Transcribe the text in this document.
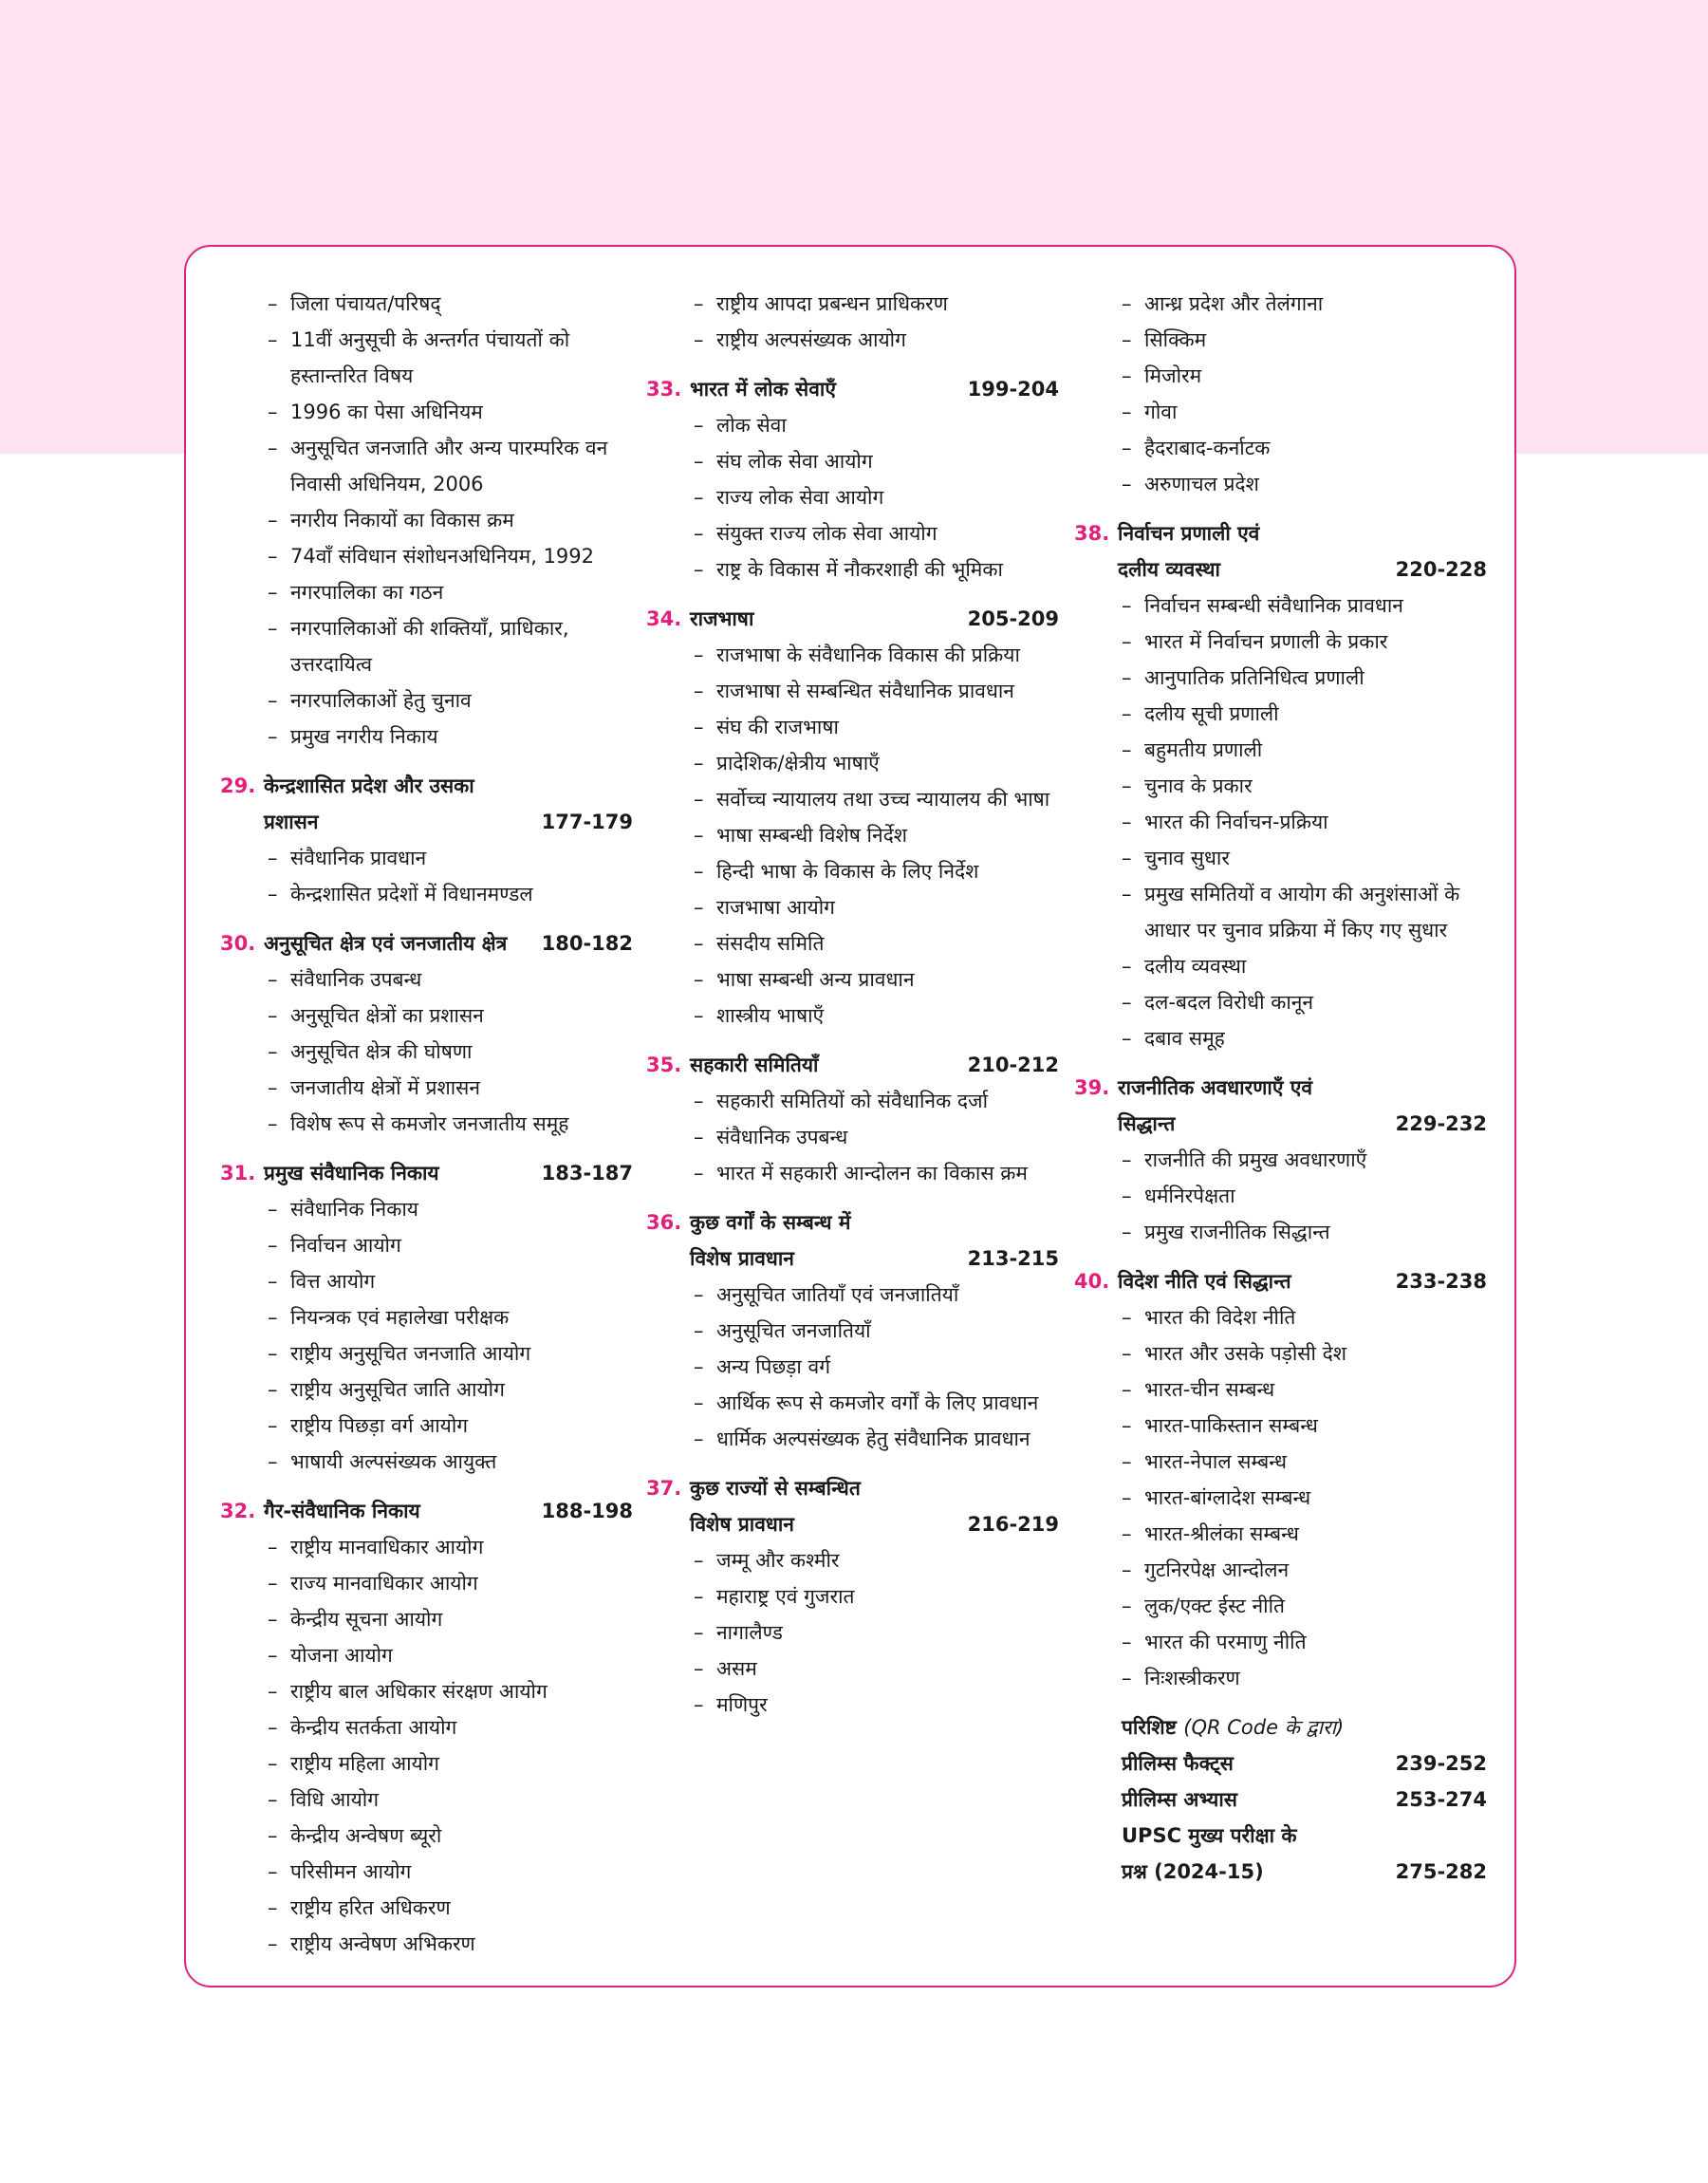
– जिला पंचायत/परिषद्
– 11वीं अनुसूची के अन्तर्गत पंचायतों को हस्तान्तरित विषय
– 1996 का पेसा अधिनियम
– अनुसूचित जनजाति और अन्य पारम्परिक वन निवासी अधिनियम, 2006
– नगरीय निकायों का विकास क्रम
– 74वाँ संविधान संशोधनअधिनियम, 1992
– नगरपालिका का गठन
– नगरपालिकाओं की शक्तियाँ, प्राधिकार, उत्तरदायित्व
– नगरपालिकाओं हेतु चुनाव
– प्रमुख नगरीय निकाय
29. केन्द्रशासित प्रदेश और उसका
प्रशासन	177-179
– संवैधानिक प्रावधान
– केन्द्रशासित प्रदेशों में विधानमण्डल
30. अनुसूचित क्षेत्र एवं जनजातीय क्षेत्र 180-182
– संवैधानिक उपबन्ध
– अनुसूचित क्षेत्रों का प्रशासन
– अनुसूचित क्षेत्र की घोषणा
– जनजातीय क्षेत्रों में प्रशासन
– विशेष रूप से कमजोर जनजातीय समूह
31. प्रमुख संवैधानिक निकाय	183-187
– संवैधानिक निकाय
– निर्वाचन आयोग
– वित्त आयोग
– नियन्त्रक एवं महालेखा परीक्षक
– राष्ट्रीय अनुसूचित जनजाति आयोग
– राष्ट्रीय अनुसूचित जाति आयोग
– राष्ट्रीय पिछड़ा वर्ग आयोग
– भाषायी अल्पसंख्यक आयुक्त
32. गैर-संवैधानिक निकाय	188-198
– राष्ट्रीय मानवाधिकार आयोग
– राज्य मानवाधिकार आयोग
– केन्द्रीय सूचना आयोग
– योजना आयोग
– राष्ट्रीय बाल अधिकार संरक्षण आयोग
– केन्द्रीय सतर्कता आयोग
– राष्ट्रीय महिला आयोग
– विधि आयोग
– केन्द्रीय अन्वेषण ब्यूरो
– परिसीमन आयोग
– राष्ट्रीय हरित अधिकरण
– राष्ट्रीय अन्वेषण अभिकरण
– राष्ट्रीय आपदा प्रबन्धन प्राधिकरण
– राष्ट्रीय अल्पसंख्यक आयोग
33. भारत में लोक सेवाएँ	199-204
– लोक सेवा
– संघ लोक सेवा आयोग
– राज्य लोक सेवा आयोग
– संयुक्त राज्य लोक सेवा आयोग
– राष्ट्र के विकास में नौकरशाही की भूमिका
34. राजभाषा	205-209
– राजभाषा के संवैधानिक विकास की प्रक्रिया
– राजभाषा से सम्बन्धित संवैधानिक प्रावधान
– संघ की राजभाषा
– प्रादेशिक/क्षेत्रीय भाषाएँ
– सर्वोच्च न्यायालय तथा उच्च न्यायालय की भाषा
– भाषा सम्बन्धी विशेष निर्देश
– हिन्दी भाषा के विकास के लिए निर्देश
– राजभाषा आयोग
– संसदीय समिति
– भाषा सम्बन्धी अन्य प्रावधान
– शास्त्रीय भाषाएँ
35. सहकारी समितियाँ	210-212
– सहकारी समितियों को संवैधानिक दर्जा
– संवैधानिक उपबन्ध
– भारत में सहकारी आन्दोलन का विकास क्रम
36. कुछ वर्गों के सम्बन्ध में
विशेष प्रावधान	213-215
– अनुसूचित जातियाँ एवं जनजातियाँ
– अनुसूचित जनजातियाँ
– अन्य पिछड़ा वर्ग
– आर्थिक रूप से कमजोर वर्गों के लिए प्रावधान
– धार्मिक अल्पसंख्यक हेतु संवैधानिक प्रावधान
37. कुछ राज्यों से सम्बन्धित
विशेष प्रावधान	216-219
– जम्मू और कश्मीर
– महाराष्ट्र एवं गुजरात
– नागालैण्ड
– असम
– मणिपुर
– आन्ध्र प्रदेश और तेलंगाना
– सिक्किम
– मिजोरम
– गोवा
– हैदराबाद-कर्नाटक
– अरुणाचल प्रदेश
38. निर्वाचन प्रणाली एवं
दलीय व्यवस्था	220-228
– निर्वाचन सम्बन्धी संवैधानिक प्रावधान
– भारत में निर्वाचन प्रणाली के प्रकार
– आनुपातिक प्रतिनिधित्व प्रणाली
– दलीय सूची प्रणाली
– बहुमतीय प्रणाली
– चुनाव के प्रकार
– भारत की निर्वाचन-प्रक्रिया
– चुनाव सुधार
– प्रमुख समितियों व आयोग की अनुशंसाओं के आधार पर चुनाव प्रक्रिया में किए गए सुधार
– दलीय व्यवस्था
– दल-बदल विरोधी कानून
– दबाव समूह
39. राजनीतिक अवधारणाएँ एवं
सिद्धान्त	229-232
– राजनीति की प्रमुख अवधारणाएँ
– धर्मनिरपेक्षता
– प्रमुख राजनीतिक सिद्धान्त
40. विदेश नीति एवं सिद्धान्त	233-238
– भारत की विदेश नीति
– भारत और उसके पड़ोसी देश
– भारत-चीन सम्बन्ध
– भारत-पाकिस्तान सम्बन्ध
– भारत-नेपाल सम्बन्ध
– भारत-बांग्लादेश सम्बन्ध
– भारत-श्रीलंका सम्बन्ध
– गुटनिरपेक्ष आन्दोलन
– लुक/एक्ट ईस्ट नीति
– भारत की परमाणु नीति
– निःशस्त्रीकरण
परिशिष्ट (QR Code के द्वारा)
प्रीलिम्स फैक्ट्स	239-252
प्रीलिम्स अभ्यास	253-274
UPSC मुख्य परीक्षा के
प्रश्न (2024-15)	275-282
